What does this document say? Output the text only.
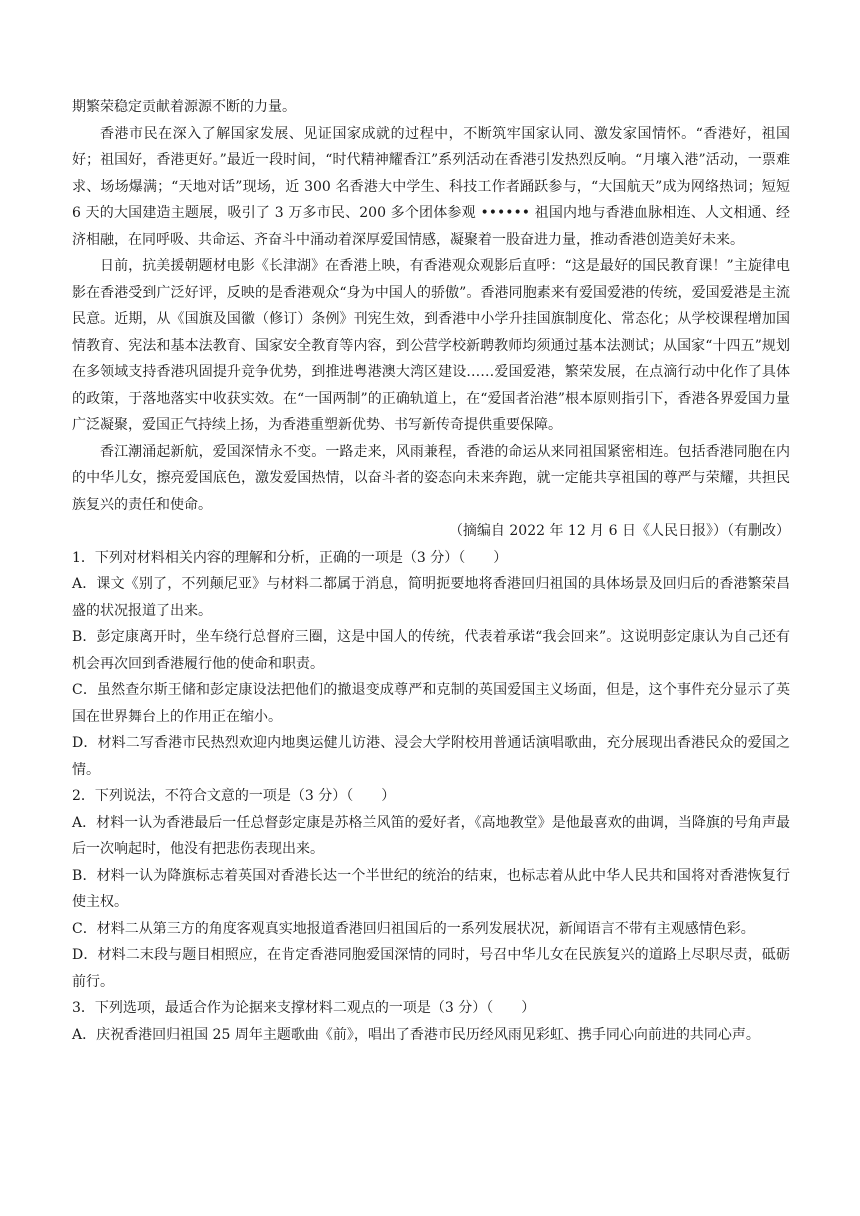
期繁荣稳定贡献着源源不断的力量。

香港市民在深入了解国家发展、见证国家成就的过程中，不断筑牢国家认同、激发家国情怀。“香港好，祖国好；祖国好，香港更好。”最近一段时间，“时代精神耀香江”系列活动在香港引发热烈反响。“月壤入港”活动，一票难求、场场爆满；“天地对话”现场，近 300 名香港大中学生、科技工作者踊跃参与，“大国航天”成为网络热词；短短 6 天的大国建造主题展，吸引了 3 万多市民、200 多个团体参观 •••••• 祖国内地与香港血脉相连、人文相通、经济相融，在同呼吸、共命运、齐奋斗中涌动着深厚爱国情感，凝聚着一股奋进力量，推动香港创造美好未来。

日前，抗美援朝题材电影《长津湖》在香港上映，有香港观众观影后直呼：“这是最好的国民教育课！”主旋律电影在香港受到广泛好评，反映的是香港观众“身为中国人的骄傲”。香港同胞素来有爱国爱港的传统，爱国爱港是主流民意。近期，从《国旗及国徽（修订）条例》刊宪生效，到香港中小学升挂国旗制度化、常态化；从学校课程增加国情教育、宪法和基本法教育、国家安全教育等内容，到公营学校新聘教师均须通过基本法测试；从国家“十四五”规划在多领域支持香港巩固提升竞争优势，到推进粤港澳大湾区建设……爱国爱港，繁荣发展，在点滴行动中化作了具体的政策，于落地落实中收获实效。在“一国两制”的正确轨道上，在“爱国者治港”根本原则指引下，香港各界爱国力量广泛凝聚，爱国正气持续上扬，为香港重塑新优势、书写新传奇提供重要保障。

香江潮涌起新航，爱国深情永不变。一路走来，风雨兼程，香港的命运从来同祖国紧密相连。包括香港同胞在内的中华儿女，擦亮爱国底色，激发爱国热情，以奋斗者的姿态向未来奔跑，就一定能共享祖国的尊严与荣耀，共担民族复兴的责任和使命。

（摘编自 2022 年 12 月 6 日《人民日报》）（有删改）

1．下列对材料相关内容的理解和分析，正确的一项是（3 分）（　　）

A．课文《别了，不列颠尼亚》与材料二都属于消息，简明扼要地将香港回归祖国的具体场景及回归后的香港繁荣昌盛的状况报道了出来。

B．彭定康离开时，坐车绕行总督府三圈，这是中国人的传统，代表着承诺“我会回来”。这说明彭定康认为自己还有机会再次回到香港履行他的使命和职责。

C．虽然查尔斯王储和彭定康设法把他们的撤退变成尊严和克制的英国爱国主义场面，但是，这个事件充分显示了英国在世界舞台上的作用正在缩小。

D．材料二写香港市民热烈欢迎内地奥运健儿访港、浸会大学附校用普通话演唱歌曲，充分展现出香港民众的爱国之情。

2．下列说法，不符合文意的一项是（3 分）（　　）

A．材料一认为香港最后一任总督彭定康是苏格兰风笛的爱好者，《高地教堂》是他最喜欢的曲调，当降旗的号角声最后一次响起时，他没有把悲伤表现出来。

B．材料一认为降旗标志着英国对香港长达一个半世纪的统治的结束，也标志着从此中华人民共和国将对香港恢复行使主权。

C．材料二从第三方的角度客观真实地报道香港回归祖国后的一系列发展状况，新闻语言不带有主观感情色彩。

D．材料二末段与题目相照应，在肯定香港同胞爱国深情的同时，号召中华儿女在民族复兴的道路上尽职尽责，砥砺前行。

3．下列选项，最适合作为论据来支撑材料二观点的一项是（3 分）（　　）

A．庆祝香港回归祖国 25 周年主题歌曲《前》，唱出了香港市民历经风雨见彩虹、携手同心向前进的共同心声。
